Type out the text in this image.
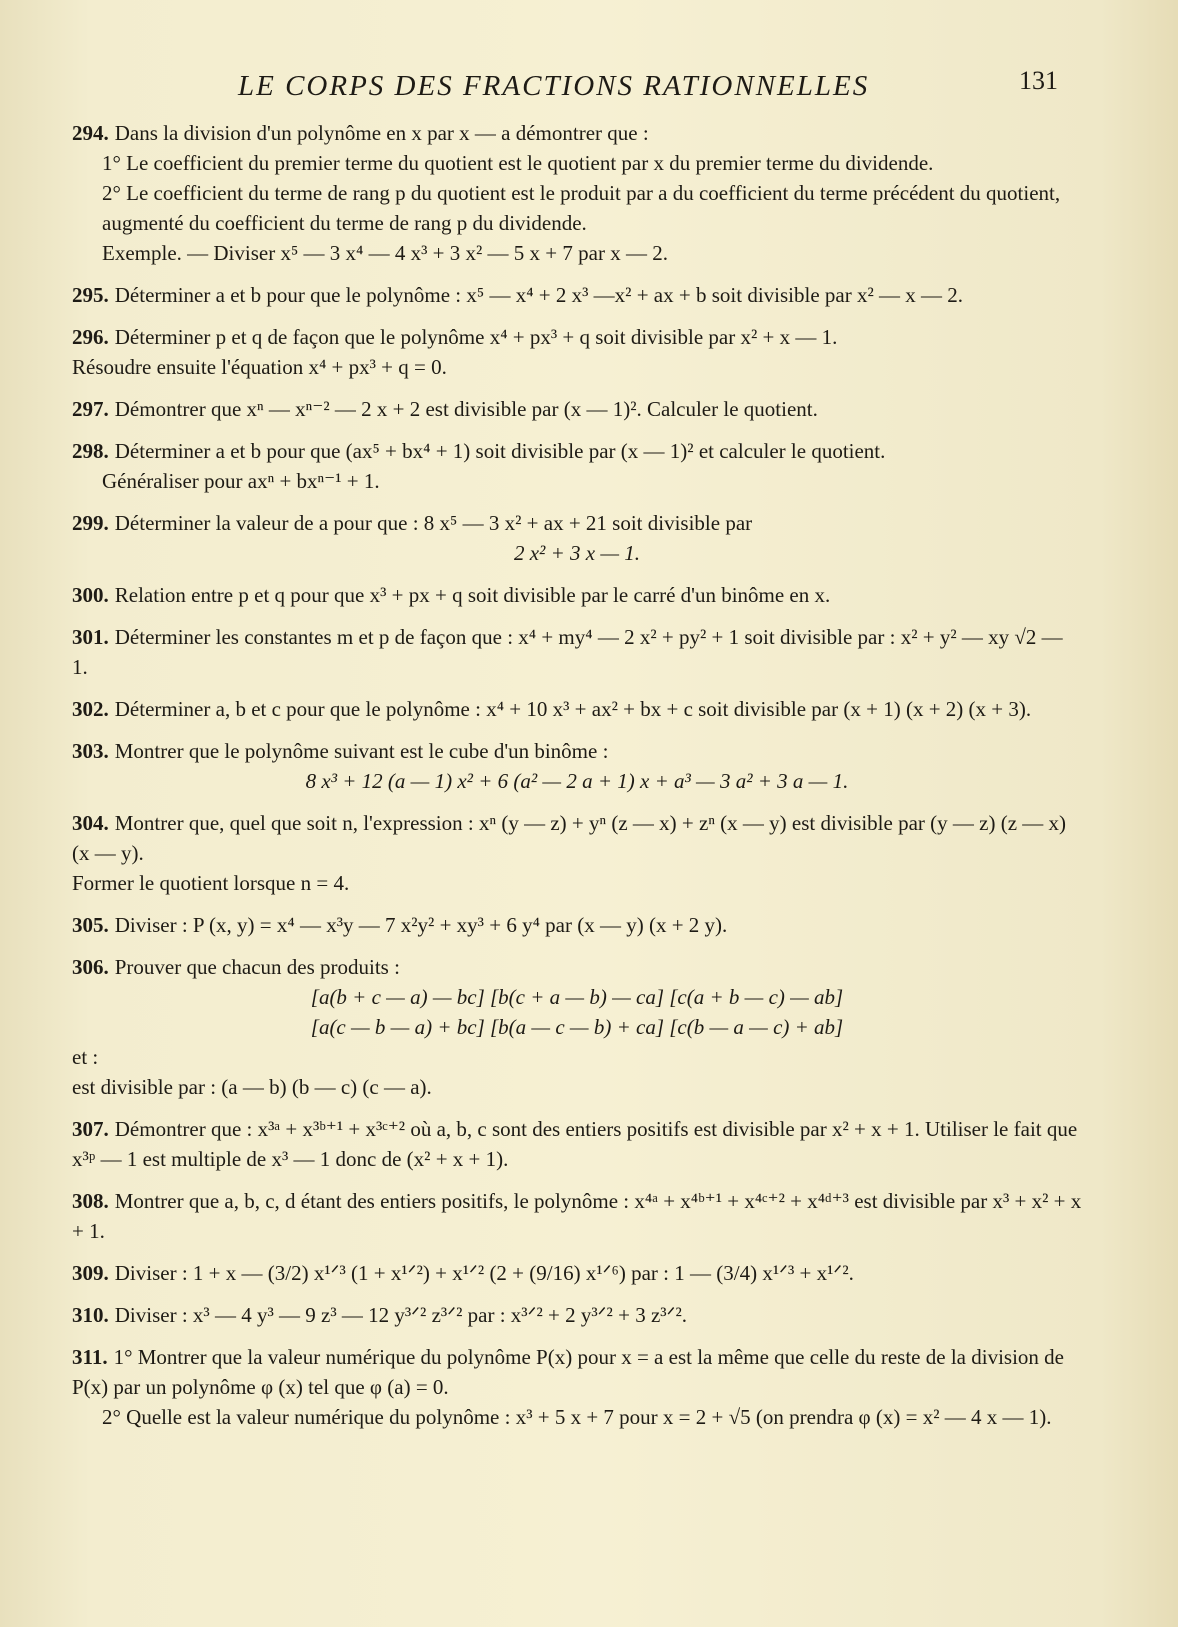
LE CORPS DES FRACTIONS RATIONNELLES	131

294. Dans la division d'un polynôme en x par x — a démontrer que :

1° Le coefficient du premier terme du quotient est le quotient par x du premier terme du dividende.

2° Le coefficient du terme de rang p du quotient est le produit par a du coefficient du terme précédent du quotient, augmenté du coefficient du terme de rang p du dividende.

Exemple. — Diviser x⁵ — 3 x⁴ — 4 x³ + 3 x² — 5 x + 7 par x — 2.

295. Déterminer a et b pour que le polynôme : x⁵ — x⁴ + 2 x³ —x² + ax + b soit divisible par x² — x — 2.

296. Déterminer p et q de façon que le polynôme x⁴ + px³ + q soit divisible par x² + x — 1.

Résoudre ensuite l'équation x⁴ + px³ + q = 0.

297. Démontrer que xⁿ — xⁿ⁻² — 2 x + 2 est divisible par (x — 1)². Calculer le quotient.

298. Déterminer a et b pour que (ax⁵ + bx⁴ + 1) soit divisible par (x — 1)² et calculer le quotient.

Généraliser pour axⁿ + bxⁿ⁻¹ + 1.

299. Déterminer la valeur de a pour que : 8 x⁵ — 3 x² + ax + 21 soit divisible par

2 x² + 3 x — 1.

300. Relation entre p et q pour que x³ + px + q soit divisible par le carré d'un binôme en x.

301. Déterminer les constantes m et p de façon que : x⁴ + my⁴ — 2 x² + py² + 1 soit divisible par : x² + y² — xy √2 — 1.

302. Déterminer a, b et c pour que le polynôme : x⁴ + 10 x³ + ax² + bx + c soit divisible par (x + 1) (x + 2) (x + 3).

303. Montrer que le polynôme suivant est le cube d'un binôme :

8 x³ + 12 (a — 1) x² + 6 (a² — 2 a + 1) x + a³ — 3 a² + 3 a — 1.

304. Montrer que, quel que soit n, l'expression : xⁿ (y — z) + yⁿ (z — x) + zⁿ (x — y) est divisible par (y — z) (z — x) (x — y).

Former le quotient lorsque n = 4.

305. Diviser : P (x, y) = x⁴ — x³y — 7 x²y² + xy³ + 6 y⁴ par (x — y) (x + 2 y).

306. Prouver que chacun des produits :

[a(b + c — a) — bc] [b(c + a — b) — ca] [c(a + b — c) — ab]

[a(c — b — a) + bc] [b(a — c — b) + ca] [c(b — a — c) + ab]

et :

est divisible par : (a — b) (b — c) (c — a).

307. Démontrer que : x³ᵃ + x³ᵇ⁺¹ + x³ᶜ⁺² où a, b, c sont des entiers positifs est divisible par x² + x + 1. Utiliser le fait que x³ᵖ — 1 est multiple de x³ — 1 donc de (x² + x + 1).

308. Montrer que a, b, c, d étant des entiers positifs, le polynôme : x⁴ᵃ + x⁴ᵇ⁺¹ + x⁴ᶜ⁺² + x⁴ᵈ⁺³ est divisible par x³ + x² + x + 1.

309. Diviser : 1 + x — (3/2) x¹ᐟ³ (1 + x¹ᐟ²) + x¹ᐟ² (2 + (9/16) x¹ᐟ⁶) par : 1 — (3/4) x¹ᐟ³ + x¹ᐟ².

310. Diviser : x³ — 4 y³ — 9 z³ — 12 y³ᐟ² z³ᐟ² par : x³ᐟ² + 2 y³ᐟ² + 3 z³ᐟ².

311. 1° Montrer que la valeur numérique du polynôme P(x) pour x = a est la même que celle du reste de la division de P(x) par un polynôme φ (x) tel que φ (a) = 0.

2° Quelle est la valeur numérique du polynôme : x³ + 5 x + 7 pour x = 2 + √5 (on prendra φ (x) = x² — 4 x — 1).
